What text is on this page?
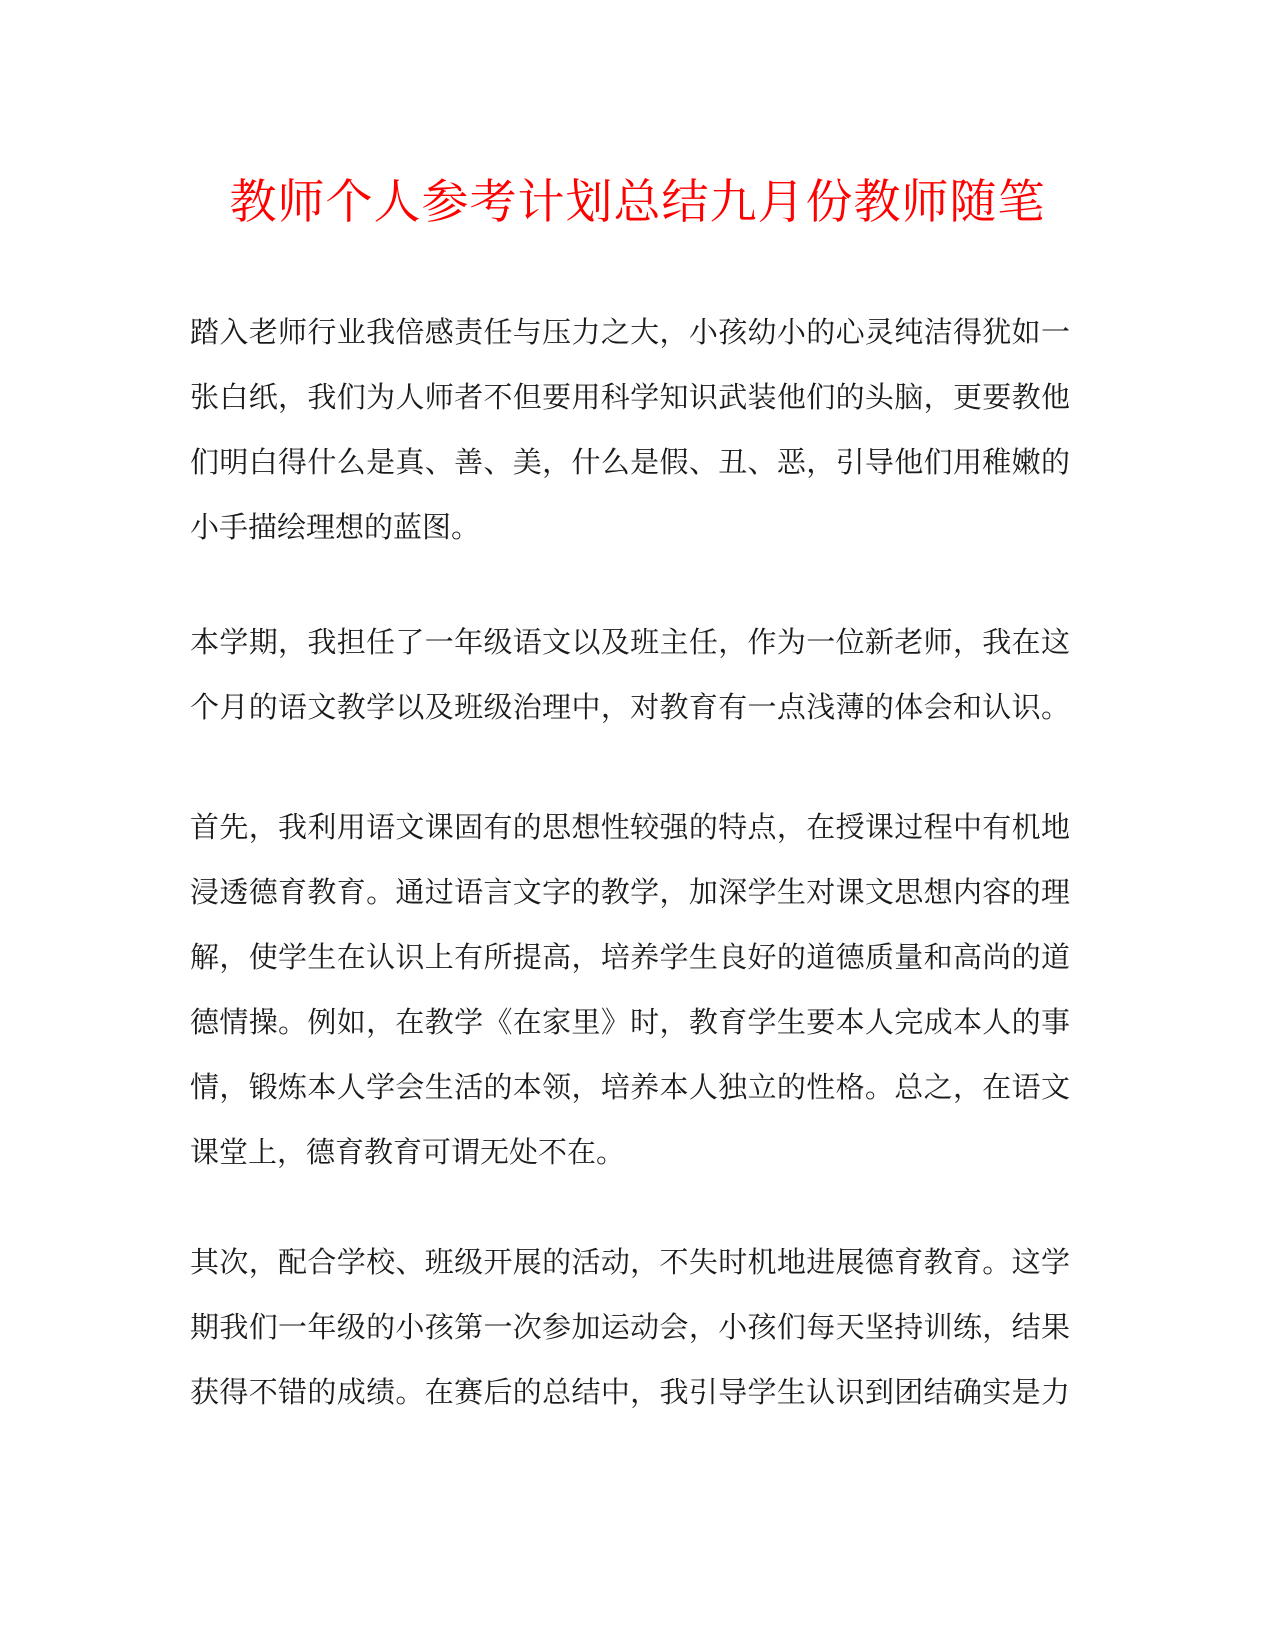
教师个人参考计划总结九月份教师随笔
踏入老师行业我倍感责任与压力之大，小孩幼小的心灵纯洁得犹如一
张白纸，我们为人师者不但要用科学知识武装他们的头脑，更要教他
们明白得什么是真、善、美，什么是假、丑、恶，引导他们用稚嫩的
小手描绘理想的蓝图。
本学期，我担任了一年级语文以及班主任，作为一位新老师，我在这
个月的语文教学以及班级治理中，对教育有一点浅薄的体会和认识。
首先，我利用语文课固有的思想性较强的特点，在授课过程中有机地
浸透德育教育。通过语言文字的教学，加深学生对课文思想内容的理
解，使学生在认识上有所提高，培养学生良好的道德质量和高尚的道
德情操。例如，在教学《在家里》时，教育学生要本人完成本人的事
情，锻炼本人学会生活的本领，培养本人独立的性格。总之，在语文
课堂上，德育教育可谓无处不在。
其次，配合学校、班级开展的活动，不失时机地进展德育教育。这学
期我们一年级的小孩第一次参加运动会，小孩们每天坚持训练，结果
获得不错的成绩。在赛后的总结中，我引导学生认识到团结确实是力
